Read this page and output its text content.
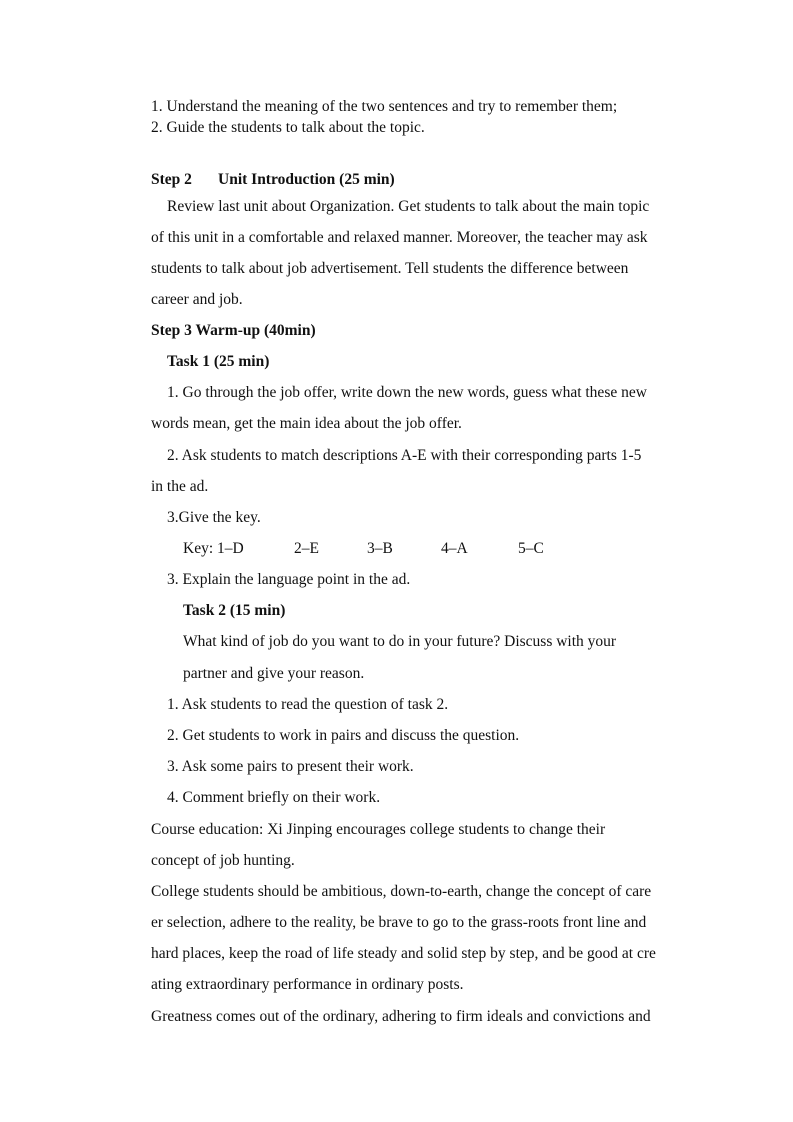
1. Understand the meaning of the two sentences and try to remember them;
2. Guide the students to talk about the topic.
Step 2 Unit Introduction (25 min)
Review last unit about Organization. Get students to talk about the main topic
of this unit in a comfortable and relaxed manner. Moreover, the teacher may ask
students to talk about job advertisement. Tell students the difference between
career and job.
Step 3 Warm-up (40min)
Task 1 (25 min)
1. Go through the job offer, write down the new words, guess what these new
words mean, get the main idea about the job offer.
2. Ask students to match descriptions A-E with their corresponding parts 1-5
in the ad.
3.Give the key.
Key: 1–D	2–E	3–B	4–A	5–C
3. Explain the language point in the ad.
Task 2 (15 min)
What kind of job do you want to do in your future? Discuss with your
partner and give your reason.
1. Ask students to read the question of task 2.
2. Get students to work in pairs and discuss the question.
3. Ask some pairs to present their work.
4. Comment briefly on their work.
Course education: Xi Jinping encourages college students to change their
concept of job hunting.
College students should be ambitious, down-to-earth, change the concept of care
er selection, adhere to the reality, be brave to go to the grass-roots front line and
hard places, keep the road of life steady and solid step by step, and be good at cre
ating extraordinary performance in ordinary posts.
Greatness comes out of the ordinary, adhering to firm ideals and convictions and
